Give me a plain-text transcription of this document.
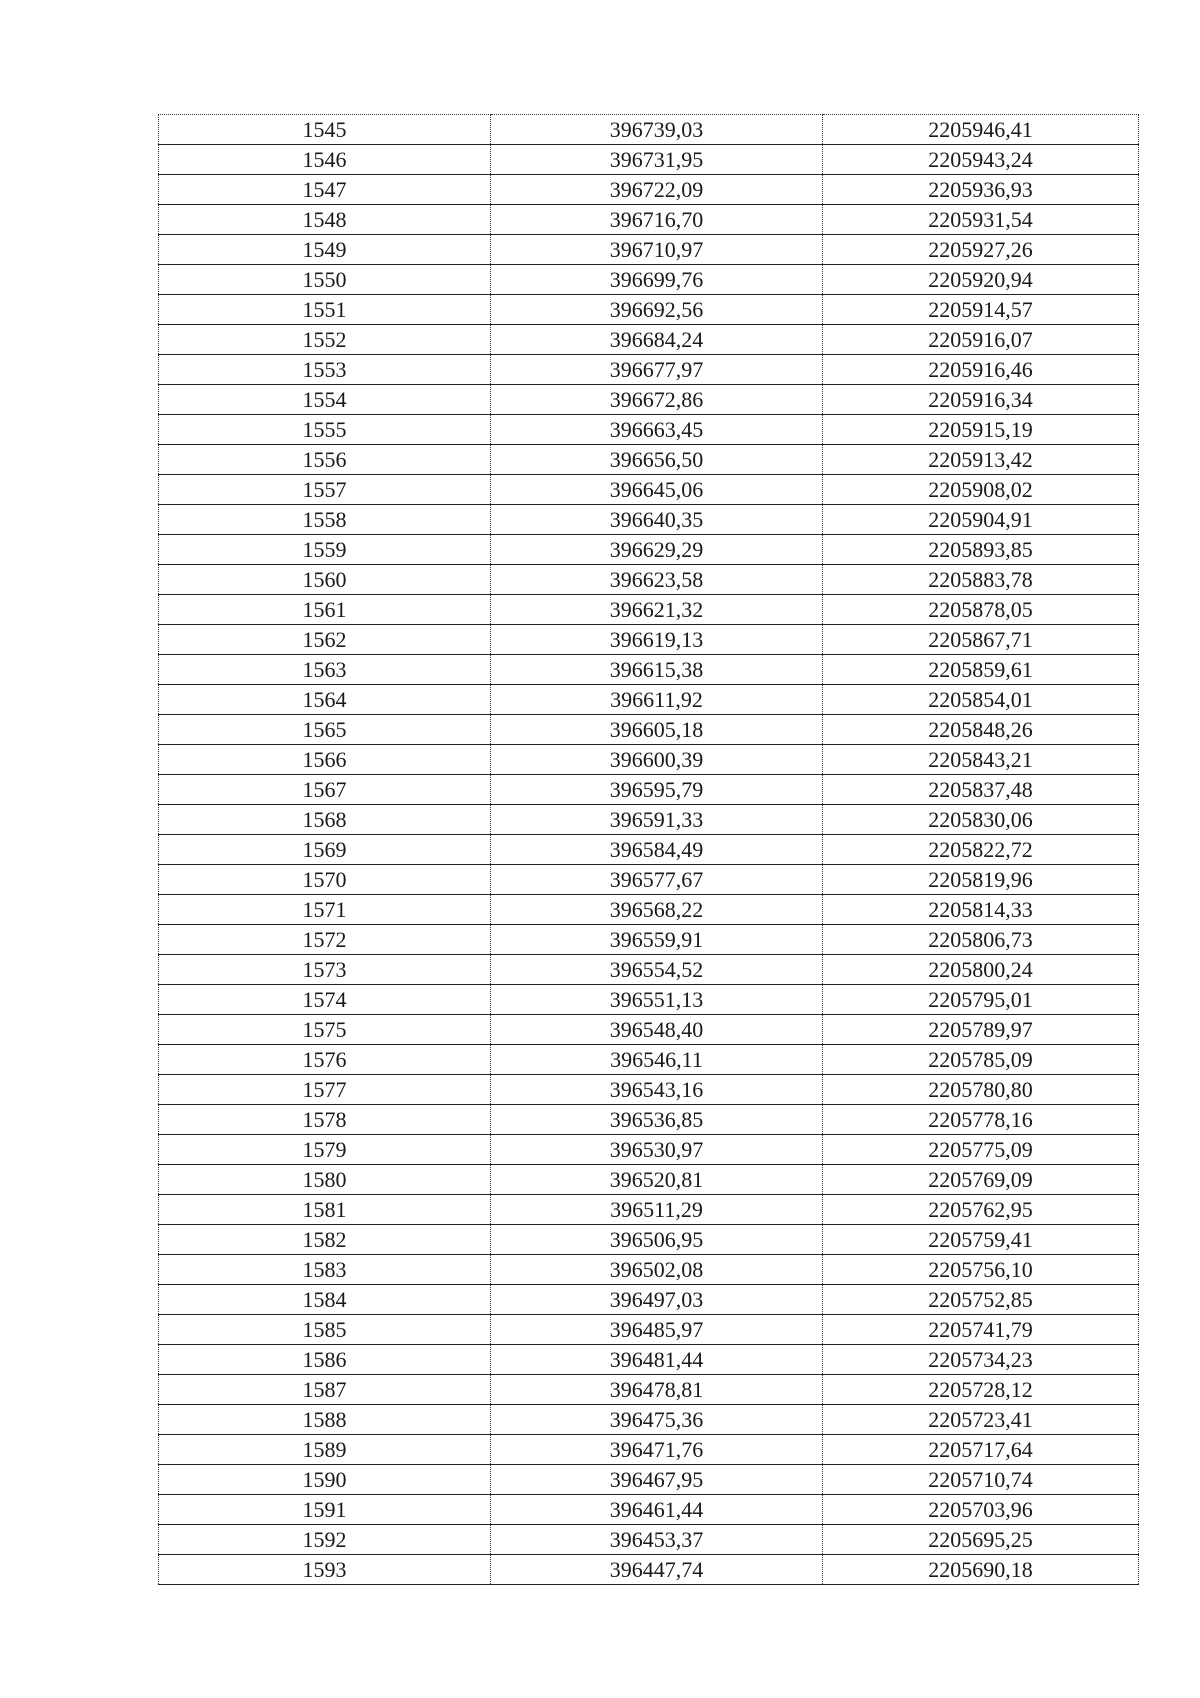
1545	396739,03	2205946,41
1546	396731,95	2205943,24
1547	396722,09	2205936,93
1548	396716,70	2205931,54
1549	396710,97	2205927,26
1550	396699,76	2205920,94
1551	396692,56	2205914,57
1552	396684,24	2205916,07
1553	396677,97	2205916,46
1554	396672,86	2205916,34
1555	396663,45	2205915,19
1556	396656,50	2205913,42
1557	396645,06	2205908,02
1558	396640,35	2205904,91
1559	396629,29	2205893,85
1560	396623,58	2205883,78
1561	396621,32	2205878,05
1562	396619,13	2205867,71
1563	396615,38	2205859,61
1564	396611,92	2205854,01
1565	396605,18	2205848,26
1566	396600,39	2205843,21
1567	396595,79	2205837,48
1568	396591,33	2205830,06
1569	396584,49	2205822,72
1570	396577,67	2205819,96
1571	396568,22	2205814,33
1572	396559,91	2205806,73
1573	396554,52	2205800,24
1574	396551,13	2205795,01
1575	396548,40	2205789,97
1576	396546,11	2205785,09
1577	396543,16	2205780,80
1578	396536,85	2205778,16
1579	396530,97	2205775,09
1580	396520,81	2205769,09
1581	396511,29	2205762,95
1582	396506,95	2205759,41
1583	396502,08	2205756,10
1584	396497,03	2205752,85
1585	396485,97	2205741,79
1586	396481,44	2205734,23
1587	396478,81	2205728,12
1588	396475,36	2205723,41
1589	396471,76	2205717,64
1590	396467,95	2205710,74
1591	396461,44	2205703,96
1592	396453,37	2205695,25
1593	396447,74	2205690,18
